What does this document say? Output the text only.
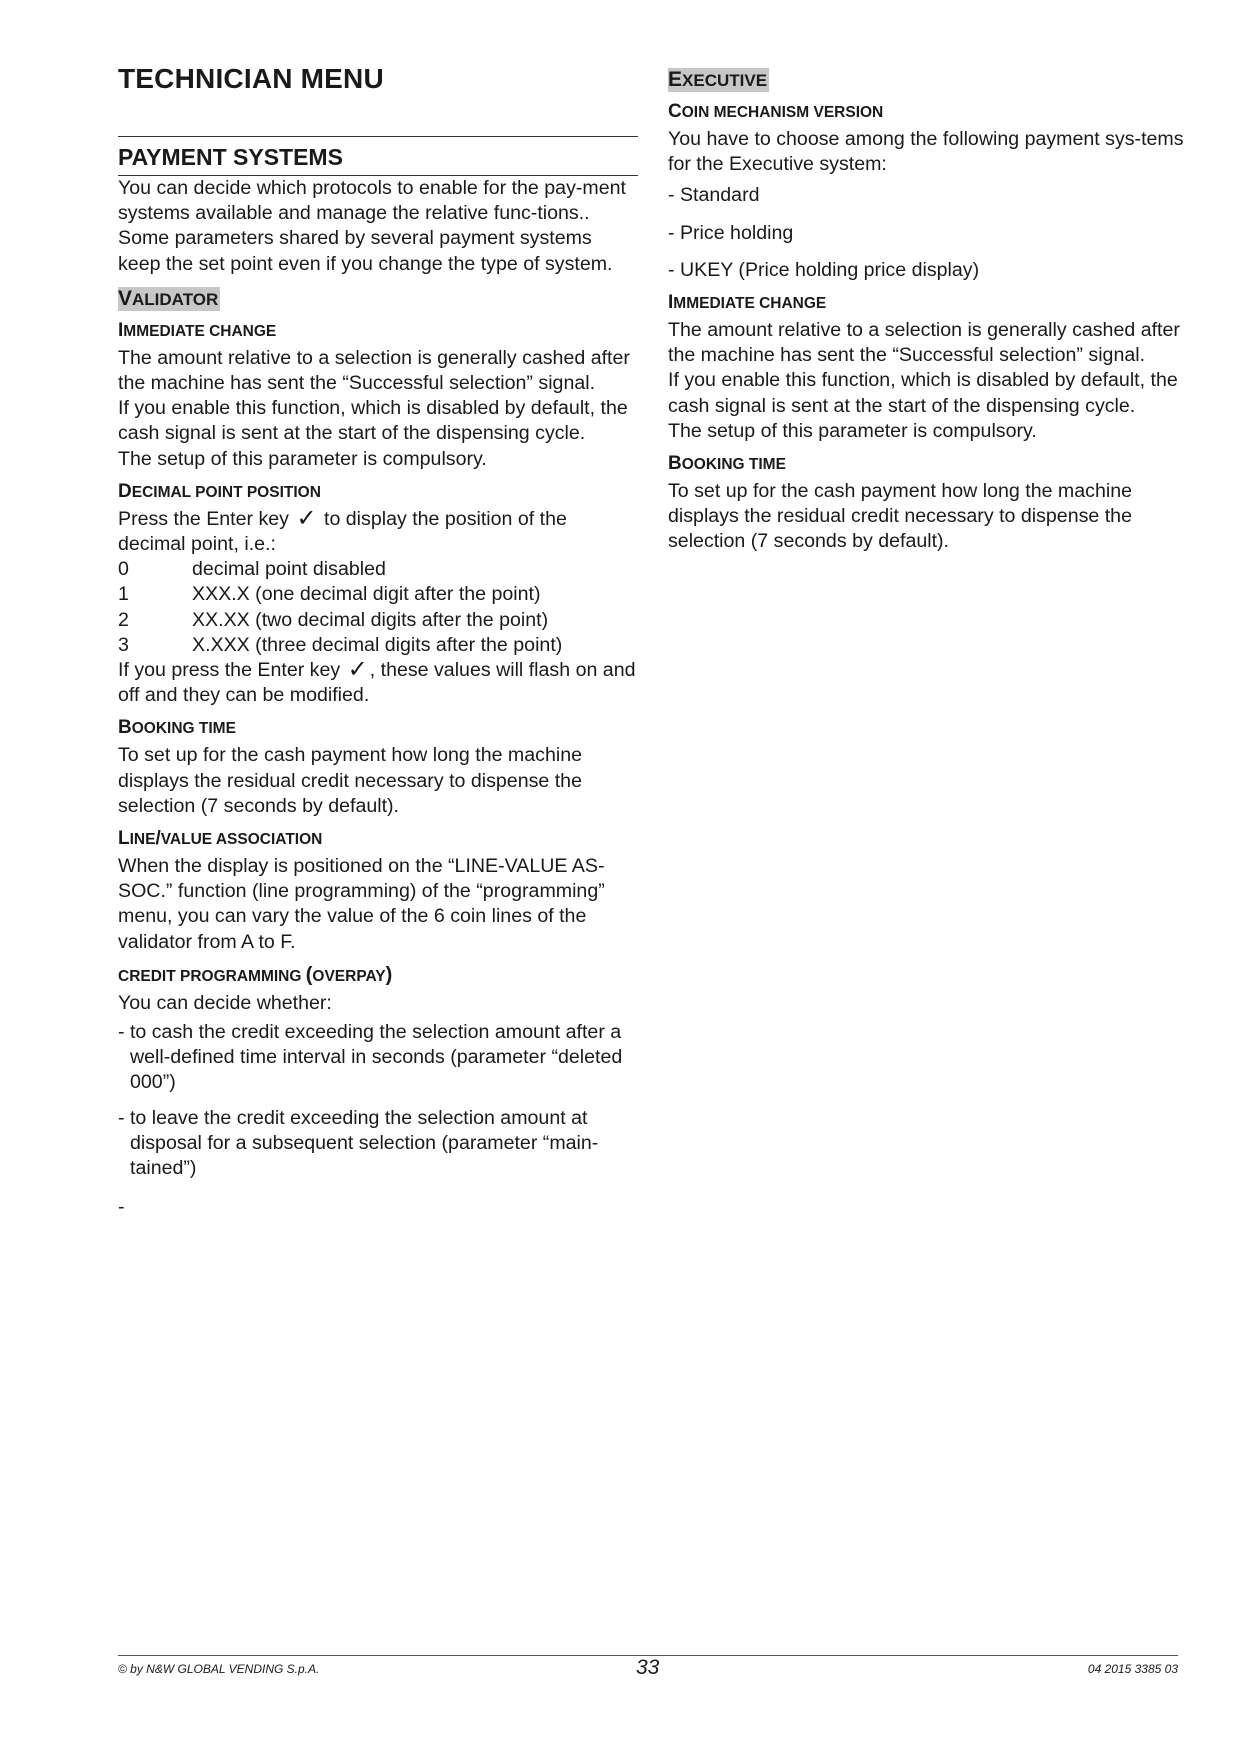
TECHNICIAN MENU
PAYMENT SYSTEMS

You can decide which protocols to enable for the pay-ment systems available and manage the relative func-tions..

Some parameters shared by several payment systems keep the set point even if you change the type of system.

VALIDATOR
IMMEDIATE CHANGE

The amount relative to a selection is generally cashed after the machine has sent the “Successful selection” signal.

If you enable this function, which is disabled by default, the cash signal is sent at the start of the dispensing cycle.

The setup of this parameter is compulsory.

DECIMAL POINT POSITION

Press the Enter key ✓ to display the position of the decimal point, i.e.:

0	decimal point disabled
1	XXX.X (one decimal digit after the point)
2	XX.XX (two decimal digits after the point)
3	X.XXX (three decimal digits after the point)

If you press the Enter key ✓ , these values will flash on and off and they can be modified.

BOOKING TIME

To set up for the cash payment how long the machine displays the residual credit necessary to dispense the selection (7 seconds by default).

LINE/VALUE ASSOCIATION

When the display is positioned on the “LINE-VALUE AS-SOC.” function (line programming) of the “programming” menu, you can vary the value of the 6 coin lines of the validator from A to F.

CREDIT PROGRAMMING (OVERPAY)

You can decide whether:

- to cash the credit exceeding the selection amount after a well-defined time interval in seconds (parameter “deleted 000”)

- to leave the credit exceeding the selection amount at disposal for a subsequent selection (parameter “main-tained”)

-

EXECUTIVE
COIN MECHANISM VERSION

You have to choose among the following payment sys-tems for the Executive system:

- Standard

- Price holding

- UKEY (Price holding price display)

IMMEDIATE CHANGE

The amount relative to a selection is generally cashed after the machine has sent the “Successful selection” signal.

If you enable this function, which is disabled by default, the cash signal is sent at the start of the dispensing cycle.

The setup of this parameter is compulsory.

BOOKING TIME

To set up for the cash payment how long the machine displays the residual credit necessary to dispense the selection (7 seconds by default).

© by N&W GLOBAL VENDING S.p.A.	33	04 2015 3385 03
